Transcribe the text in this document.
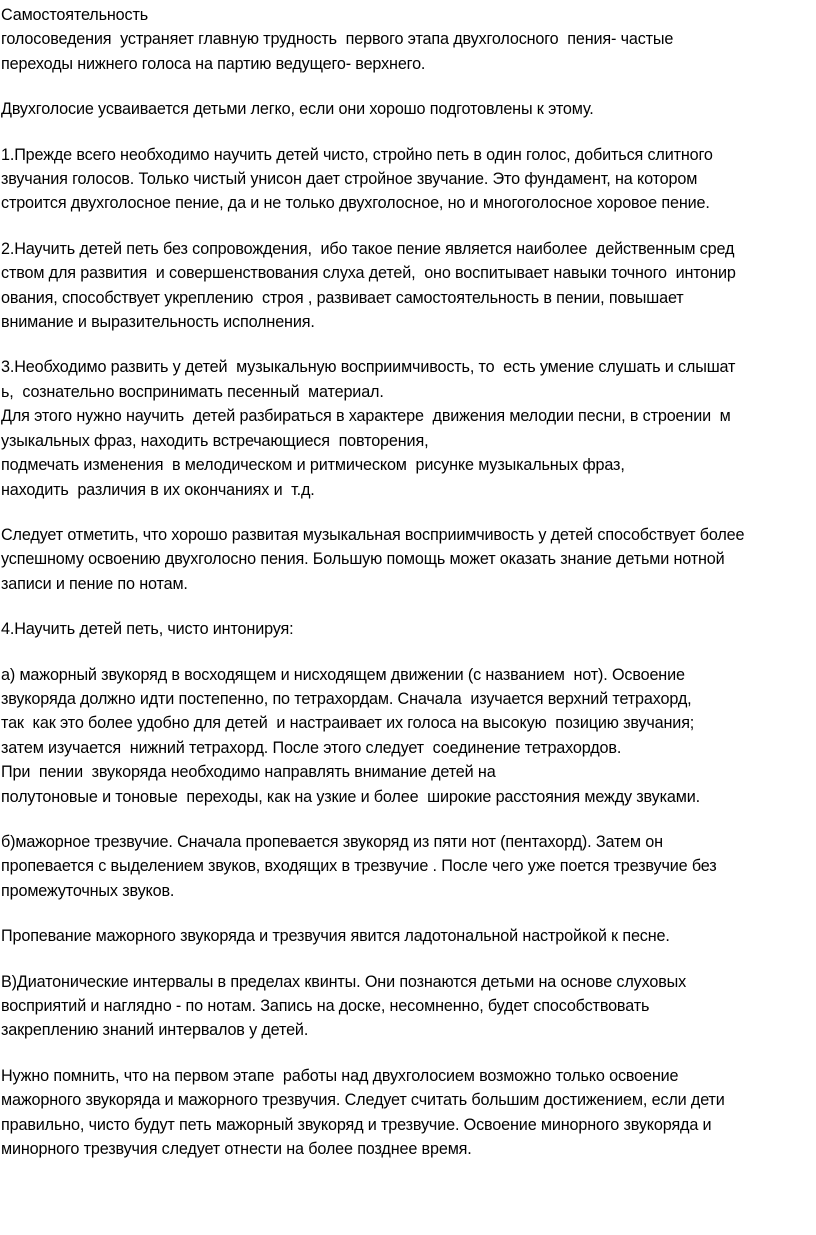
Самостоятельность
голосоведения  устраняет главную трудность  первого этапа двухголосного  пения- частые
переходы нижнего голоса на партию ведущего- верхнего.
Двухголосие усваивается детьми легко, если они хорошо подготовлены к этому.
1.Прежде всего необходимо научить детей чисто, стройно петь в один голос, добиться слитного
звучания голосов. Только чистый унисон дает стройное звучание. Это фундамент, на котором
строится двухголосное пение, да и не только двухголосное, но и многоголосное хоровое пение.
2.Научить детей петь без сопровождения,  ибо такое пение является наиболее  действенным сред
ством для развития  и совершенствования слуха детей,  оно воспитывает навыки точного  интонир
ования, способствует укреплению  строя , развивает самостоятельность в пении, повышает
внимание и выразительность исполнения.
3.Необходимо развить у детей  музыкальную восприимчивость, то  есть умение слушать и слышат
ь,  сознательно воспринимать песенный  материал.
Для этого нужно научить  детей разбираться в характере  движения мелодии песни, в строении  м
узыкальных фраз, находить встречающиеся  повторения,
подмечать изменения  в мелодическом и ритмическом  рисунке музыкальных фраз,
находить  различия в их окончаниях и  т.д.
Следует отметить, что хорошо развитая музыкальная восприимчивость у детей способствует более
успешному освоению двухголосно пения. Большую помощь может оказать знание детьми нотной
записи и пение по нотам.
4.Научить детей петь, чисто интонируя:
а) мажорный звукоряд в восходящем и нисходящем движении (с названием  нот). Освоение
звукоряда должно идти постепенно, по тетрахордам. Сначала  изучается верхний тетрахорд,
так  как это более удобно для детей  и настраивает их голоса на высокую  позицию звучания;
затем изучается  нижний тетрахорд. После этого следует  соединение тетрахордов.
При  пении  звукоряда необходимо направлять внимание детей на
полутоновые и тоновые  переходы, как на узкие и более  широкие расстояния между звуками.
б)мажорное трезвучие. Сначала пропевается звукоряд из пяти нот (пентахорд). Затем он
пропевается с выделением звуков, входящих в трезвучие . После чего уже поется трезвучие без
промежуточных звуков.
Пропевание мажорного звукоряда и трезвучия явится ладотональной настройкой к песне.
В)Диатонические интервалы в пределах квинты. Они познаются детьми на основе слуховых
восприятий и наглядно - по нотам. Запись на доске, несомненно, будет способствовать
закреплению знаний интервалов у детей.
Нужно помнить, что на первом этапе  работы над двухголосием возможно только освоение
мажорного звукоряда и мажорного трезвучия. Следует считать большим достижением, если дети
правильно, чисто будут петь мажорный звукоряд и трезвучие. Освоение минорного звукоряда и
минорного трезвучия следует отнести на более позднее время.
